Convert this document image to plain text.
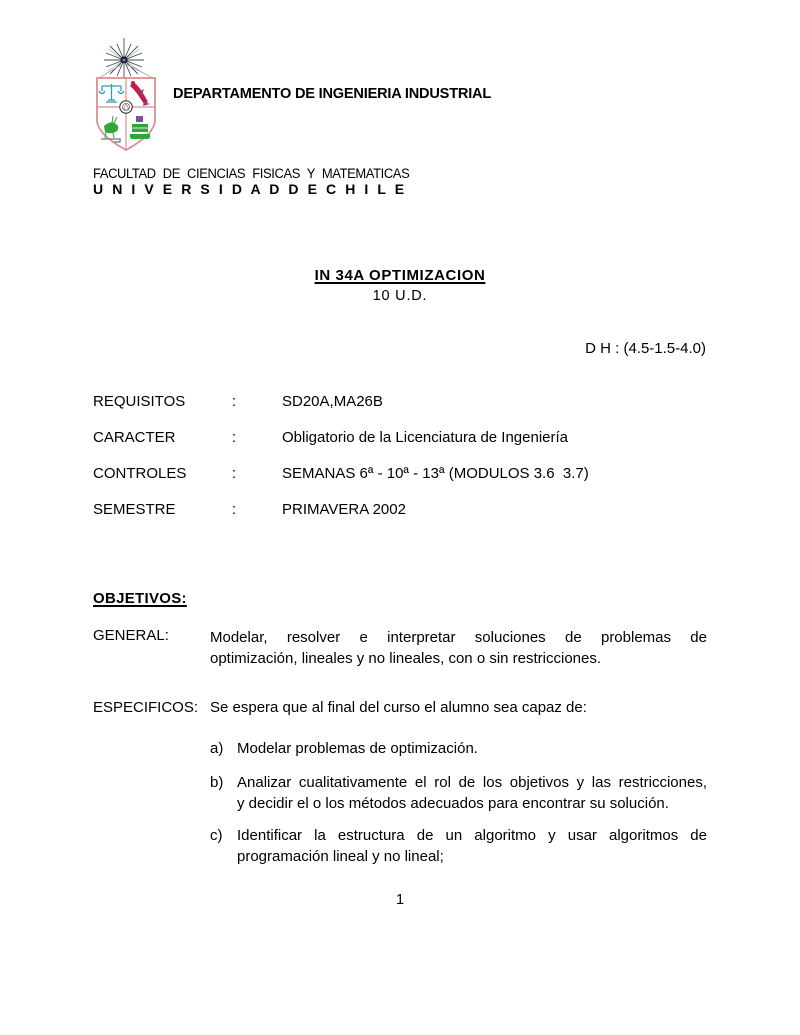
DEPARTAMENTO DE INGENIERIA INDUSTRIAL
FACULTAD DE CIENCIAS FISICAS Y MATEMATICAS
U N I V E R S I D A D D E C H I L E
IN 34A OPTIMIZACION
10 U.D.
D H : (4.5-1.5-4.0)
REQUISITOS	:	SD20A,MA26B
CARACTER	:	Obligatorio de la Licenciatura de Ingeniería
CONTROLES	:	SEMANAS 6ª - 10ª - 13ª (MODULOS 3.6  3.7)
SEMESTRE	:	PRIMAVERA 2002
OBJETIVOS:
GENERAL:	Modelar, resolver e interpretar soluciones de problemas de
optimización, lineales y no lineales, con o sin restricciones.
ESPECIFICOS: Se espera que al final del curso el alumno sea capaz de:
a) Modelar problemas de optimización.
b) Analizar cualitativamente el rol de los objetivos y las restricciones,
y decidir el o los métodos adecuados para encontrar su solución.
c) Identificar la estructura de un algoritmo y usar algoritmos de
programación lineal y no lineal;
1
